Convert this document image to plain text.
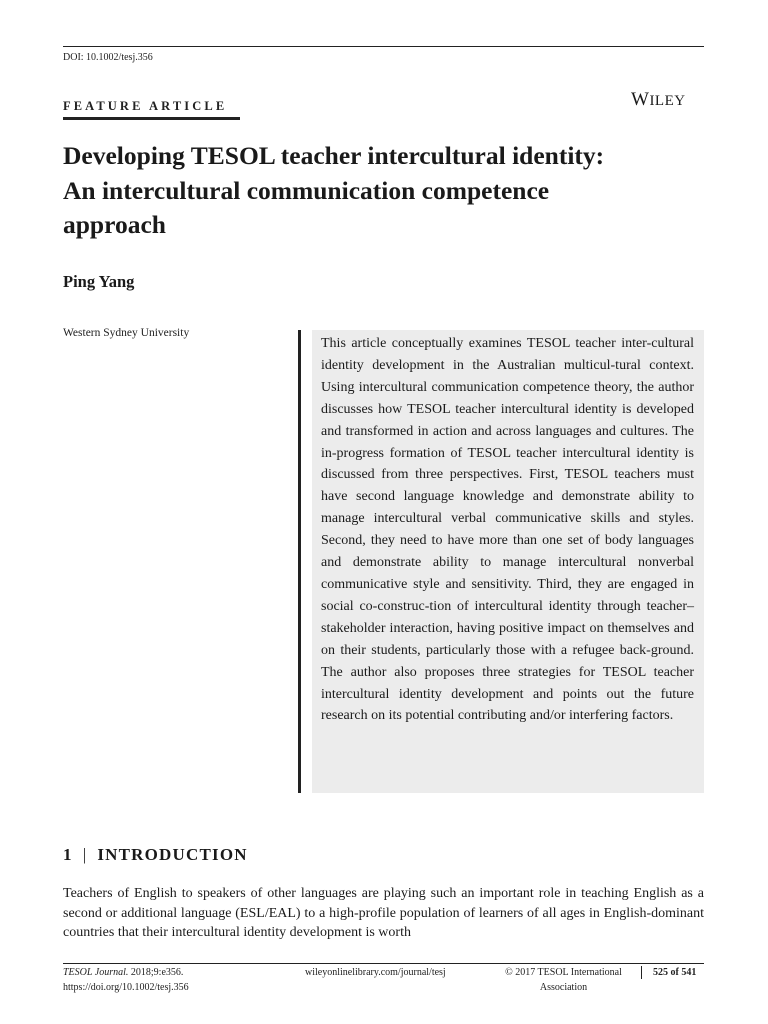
DOI: 10.1002/tesj.356
FEATURE ARTICLE	WILEY
Developing TESOL teacher intercultural identity:
An intercultural communication competence
approach
Ping Yang
Western Sydney University
This article conceptually examines TESOL teacher inter-cultural identity development in the Australian multicul-tural context. Using intercultural communication competence theory, the author discusses how TESOL teacher intercultural identity is developed and transformed in action and across languages and cultures. The in-progress formation of TESOL teacher intercultural identity is discussed from three perspectives. First, TESOL teachers must have second language knowledge and demonstrate ability to manage intercultural verbal communicative skills and styles. Second, they need to have more than one set of body languages and demonstrate ability to manage intercultural nonverbal communicative style and sensitivity. Third, they are engaged in social co-construc-tion of intercultural identity through teacher–stakeholder interaction, having positive impact on themselves and on their students, particularly those with a refugee back-ground. The author also proposes three strategies for TESOL teacher intercultural identity development and points out the future research on its potential contributing and/or interfering factors.
1 | INTRODUCTION
Teachers of English to speakers of other languages are playing such an important role in teaching English as a second or additional language (ESL/EAL) to a high-profile population of learners of all ages in English-dominant countries that their intercultural identity development is worth
TESOL Journal. 2018;9:e356.
https://doi.org/10.1002/tesj.356
wileyonlinelibrary.com/journal/tesj	© 2017 TESOL International
Association
525 of 541
